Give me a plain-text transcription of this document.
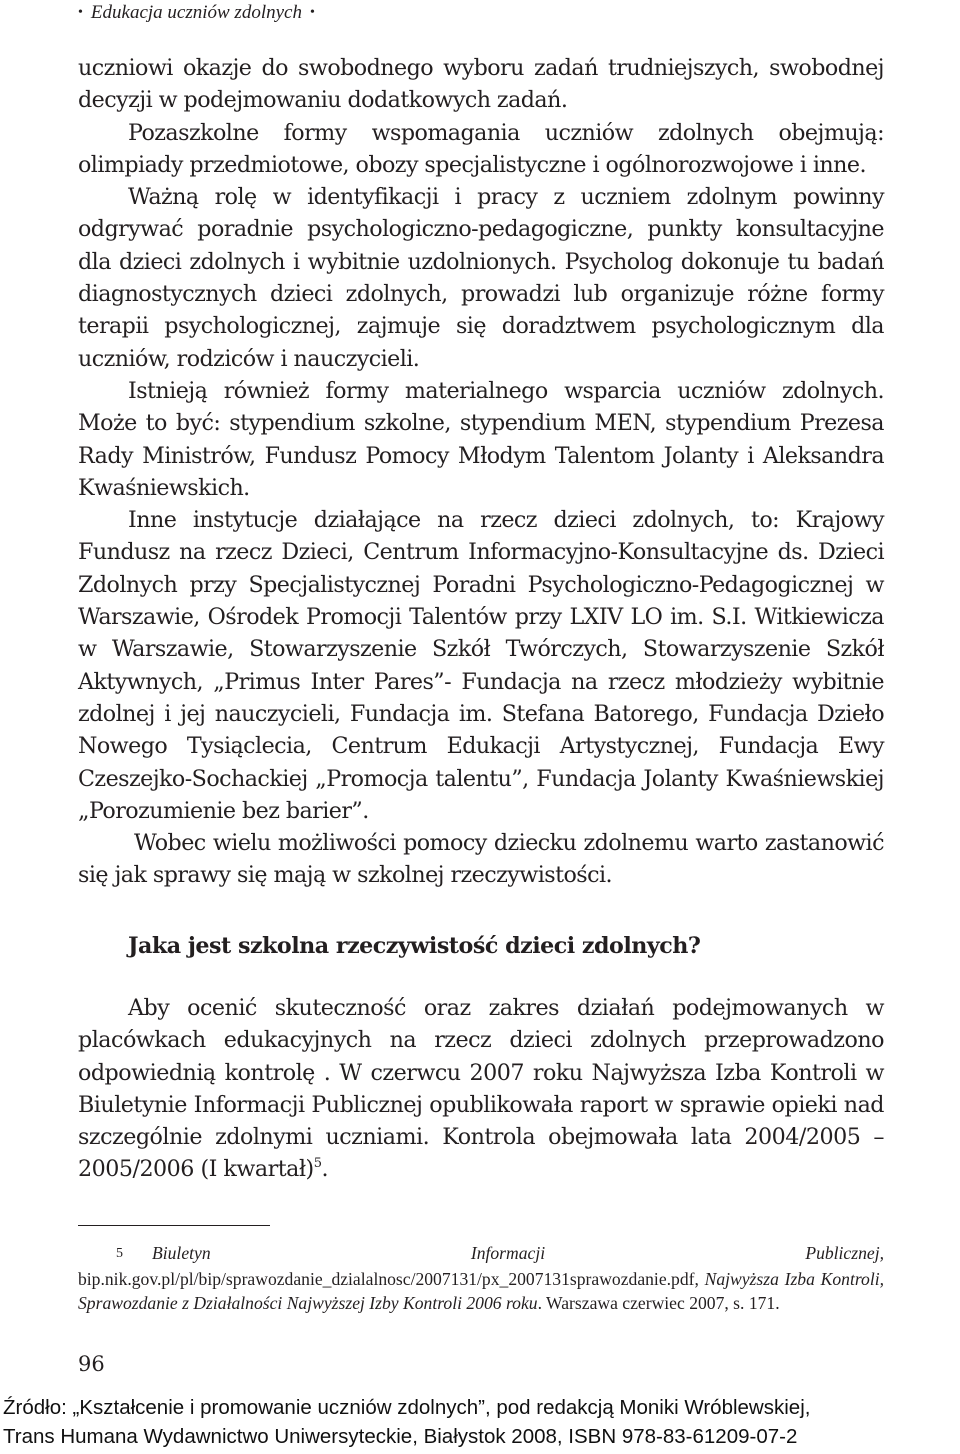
• Edukacja uczniów zdolnych •

uczniowi okazje do swobodnego wyboru zadań trudniejszych, swobodnej decyzji w podejmowaniu dodatkowych zadań.

Pozaszkolne formy wspomagania uczniów zdolnych obejmują: olimpiady przedmiotowe, obozy specjalistyczne i ogólnorozwojowe i inne.

Ważną rolę w identyfikacji i pracy z uczniem zdolnym powinny odgrywać poradnie psychologiczno-pedagogiczne, punkty konsultacyjne dla dzieci zdolnych i wybitnie uzdolnionych. Psycholog dokonuje tu badań diagnostycznych dzieci zdolnych, prowadzi lub organizuje różne formy terapii psychologicznej, zajmuje się doradztwem psychologicznym dla uczniów, rodziców i nauczycieli.

Istnieją również formy materialnego wsparcia uczniów zdolnych. Może to być: stypendium szkolne, stypendium MEN, stypendium Prezesa Rady Ministrów, Fundusz Pomocy Młodym Talentom Jolanty i Aleksandra Kwaśniewskich.

Inne instytucje działające na rzecz dzieci zdolnych, to: Krajowy Fundusz na rzecz Dzieci, Centrum Informacyjno-Konsultacyjne ds. Dzieci Zdolnych przy Specjalistycznej Poradni Psychologiczno-Pedagogicznej w Warszawie, Ośrodek Promocji Talentów przy LXIV LO im. S.I. Witkiewicza w Warszawie, Stowarzyszenie Szkół Twórczych, Stowarzyszenie Szkół Aktywnych, „Primus Inter Pares”- Fundacja na rzecz młodzieży wybitnie zdolnej i jej nauczycieli, Fundacja im. Stefana Batorego, Fundacja Dzieło Nowego Tysiąclecia, Centrum Edukacji Artystycznej, Fundacja Ewy Czeszejko-Sochackiej „Promocja talentu”, Fundacja Jolanty Kwaśniewskiej „Porozumienie bez barier”.

Wobec wielu możliwości pomocy dziecku zdolnemu warto zastanowić się jak sprawy się mają w szkolnej rzeczywistości.

Jaka jest szkolna rzeczywistość dzieci zdolnych?

Aby ocenić skuteczność oraz zakres działań podejmowanych w placówkach edukacyjnych na rzecz dzieci zdolnych przeprowadzono odpowiednią kontrolę . W czerwcu 2007 roku Najwyższa Izba Kontroli w Biuletynie Informacji Publicznej opublikowała raport w sprawie opieki nad szczególnie zdolnymi uczniami. Kontrola obejmowała lata 2004/2005 – 2005/2006 (I kwartał)$^5$.

5 Biuletyn Informacji Publicznej, bip.nik.gov.pl/pl/bip/sprawozdanie_dzialalnosc/2007131/px_2007131sprawozdanie.pdf, Najwyższa Izba Kontroli, Sprawozdanie z Działalności Najwyższej Izby Kontroli 2006 roku. Warszawa czerwiec 2007, s. 171.
96
Źródło: „Kształcenie i promowanie uczniów zdolnych”, pod redakcją Moniki Wróblewskiej,
Trans Humana Wydawnictwo Uniwersyteckie, Białystok 2008, ISBN 978-83-61209-07-2
